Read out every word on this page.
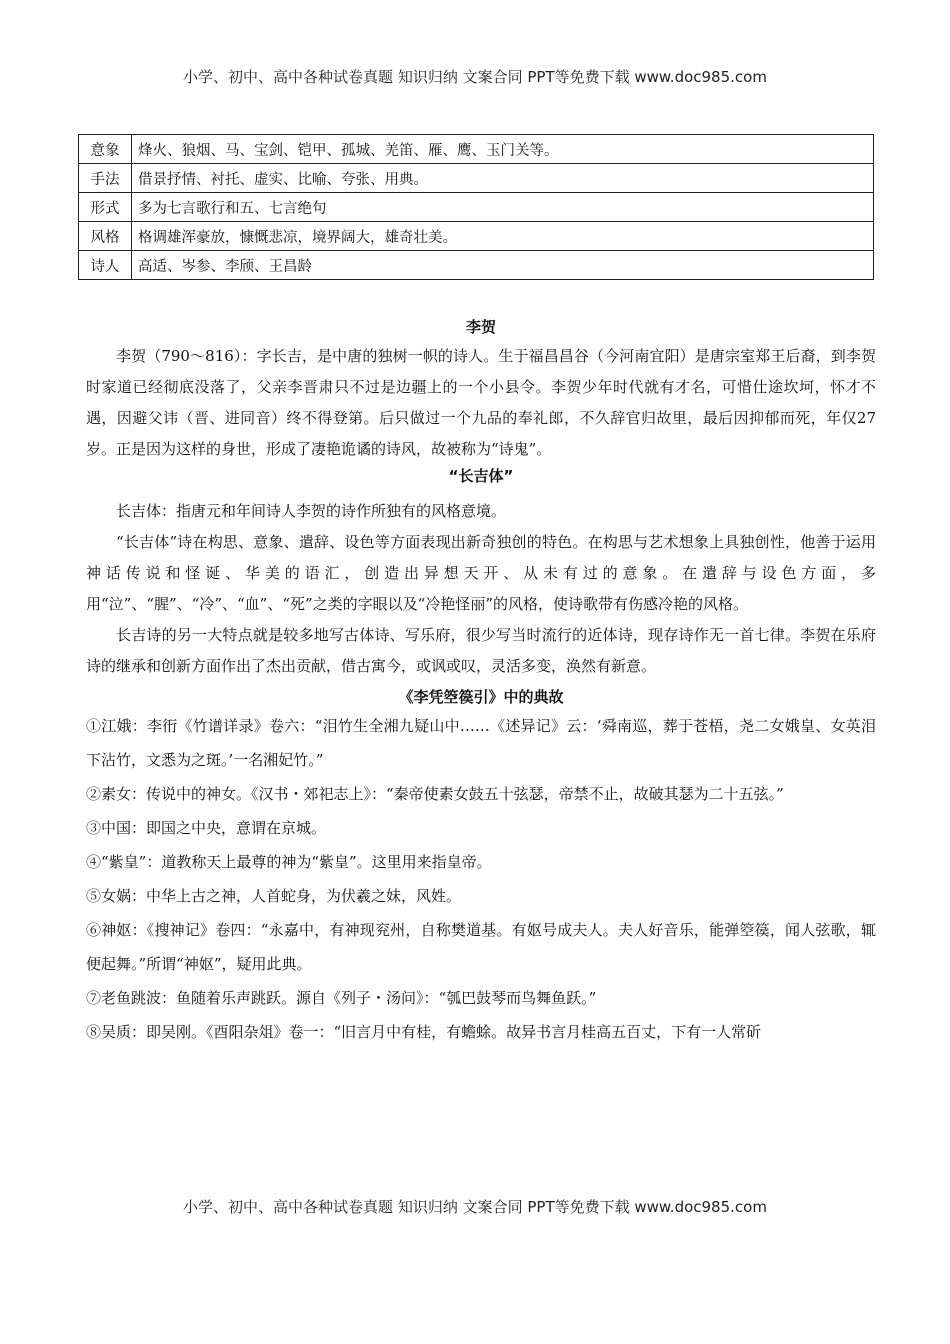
小学、初中、高中各种试卷真题 知识归纳 文案合同 PPT等免费下载 www.doc985.com
意象	烽火、狼烟、马、宝剑、铠甲、孤城、羌笛、雁、鹰、玉门关等。
手法	借景抒情、衬托、虚实、比喻、夸张、用典。
形式	多为七言歌行和五、七言绝句
风格	格调雄浑豪放，慷慨悲凉，境界阔大，雄奇壮美。
诗人	高适、岑参、李颀、王昌龄
李贺

李贺（790～816）：字长吉，是中唐的独树一帜的诗人。生于福昌昌谷（今河南宜阳）是唐宗室郑王后裔，到李贺时家道已经彻底没落了，父亲李晋肃只不过是边疆上的一个小县令。李贺少年时代就有才名，可惜仕途坎坷，怀才不遇，因避父讳（晋、进同音）终不得登第。后只做过一个九品的奉礼郎，不久辞官归故里，最后因抑郁而死，年仅27岁。正是因为这样的身世，形成了凄艳诡谲的诗风，故被称为“诗鬼”。

“长吉体”

长吉体：指唐元和年间诗人李贺的诗作所独有的风格意境。

“长吉体”诗在构思、意象、遣辞、设色等方面表现出新奇独创的特色。在构思与艺术想象上具独创性，他善于运用神话传说和怪诞、华美的语汇，创造出异想天开、从未有过的意象。在遣辞与设色方面，多用“泣”、“腥”、“冷”、“血”、“死”之类的字眼以及“冷艳怪丽”的风格，使诗歌带有伤感冷艳的风格。

长吉诗的另一大特点就是较多地写古体诗、写乐府，很少写当时流行的近体诗，现存诗作无一首七律。李贺在乐府诗的继承和创新方面作出了杰出贡献，借古寓今，或讽或叹，灵活多变，涣然有新意。

《李凭箜篌引》中的典故

①江娥：李衎《竹谱详录》卷六：“泪竹生全湘九疑山中……《述异记》云：‘舜南巡，葬于苍梧，尧二女娥皇、女英泪下沾竹，文悉为之斑。’一名湘妃竹。”

②素女：传说中的神女。《汉书・郊祀志上》：“秦帝使素女鼓五十弦瑟，帝禁不止，故破其瑟为二十五弦。”

③中国：即国之中央，意谓在京城。

④“紫皇”：道教称天上最尊的神为“紫皇”。这里用来指皇帝。

⑤女娲：中华上古之神，人首蛇身，为伏羲之妹，风姓。

⑥神妪：《搜神记》卷四：“永嘉中，有神现兖州，自称樊道基。有妪号成夫人。夫人好音乐，能弹箜篌，闻人弦歌，辄便起舞。”所谓“神妪”，疑用此典。

⑦老鱼跳波：鱼随着乐声跳跃。源自《列子・汤问》：“瓠巴鼓琴而鸟舞鱼跃。”

⑧吴质：即吴刚。《酉阳杂俎》卷一：“旧言月中有桂，有蟾蜍。故异书言月桂高五百丈，下有一人常斫

小学、初中、高中各种试卷真题 知识归纳 文案合同 PPT等免费下载 www.doc985.com
